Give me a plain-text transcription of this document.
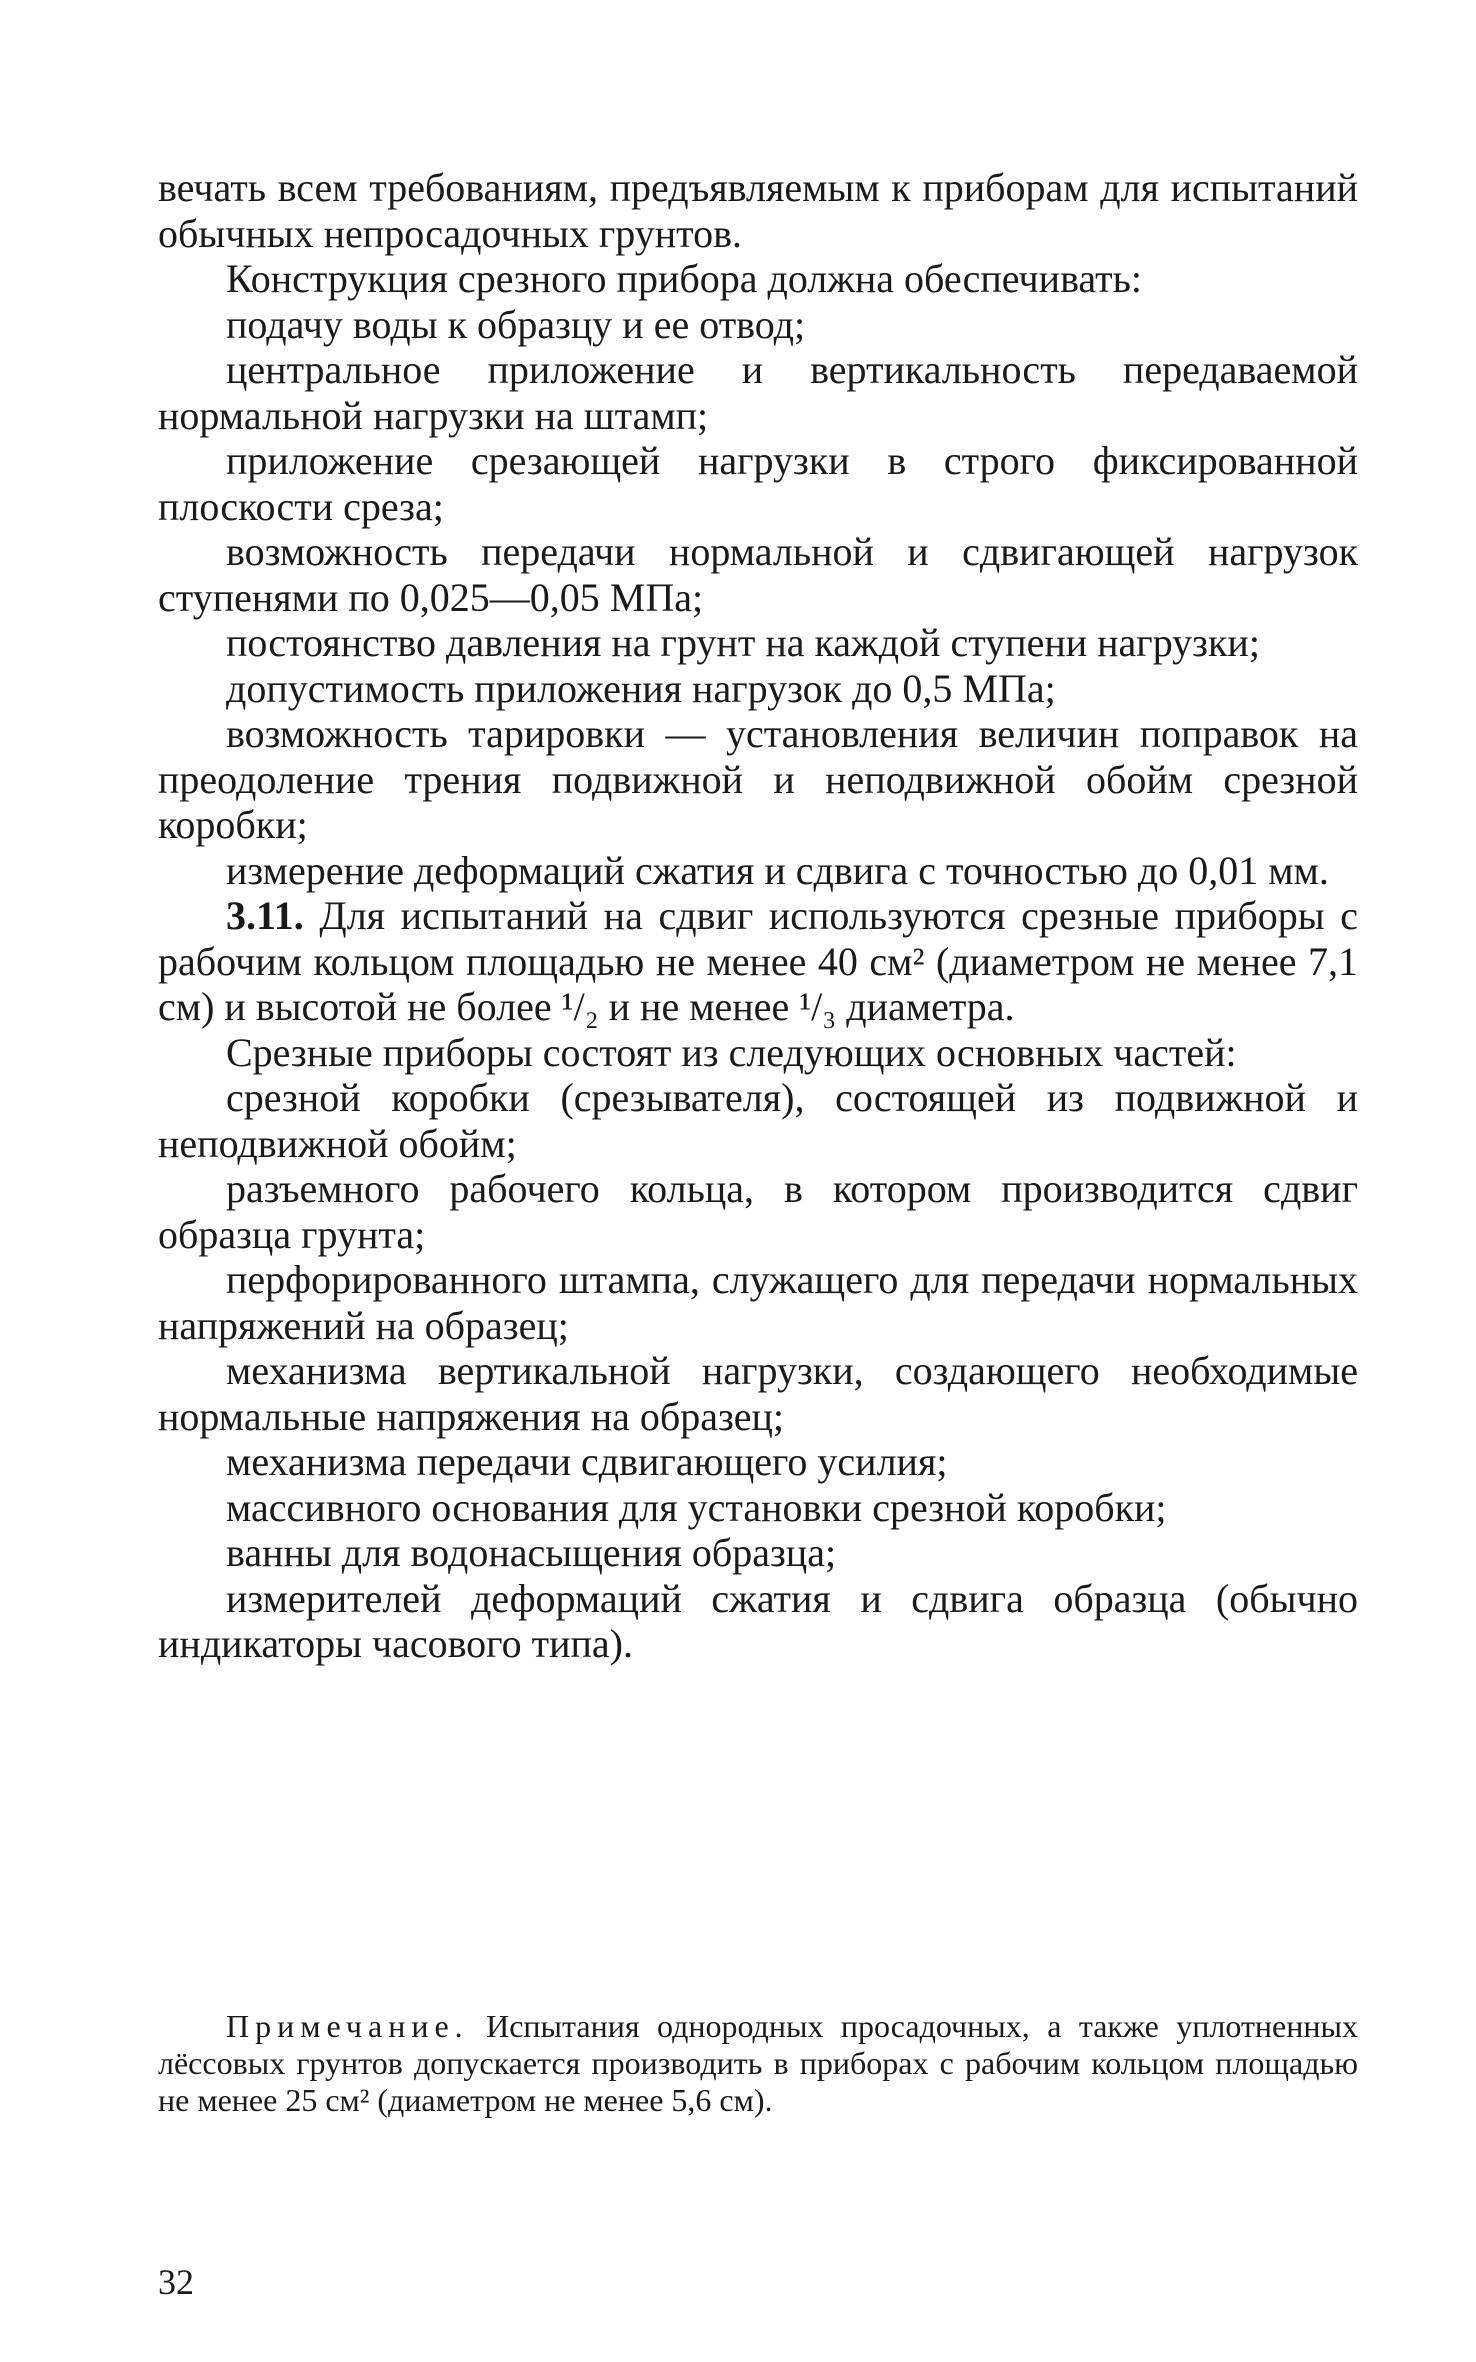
вечать всем требованиям, предъявляемым к приборам для испытаний обычных непросадочных грунтов.

Конструкция срезного прибора должна обеспечивать:

подачу воды к образцу и ее отвод;

центральное приложение и вертикальность передаваемой нормальной нагрузки на штамп;

приложение срезающей нагрузки в строго фиксированной плоскости среза;

возможность передачи нормальной и сдвигающей нагрузок ступенями по 0,025—0,05 МПа;

постоянство давления на грунт на каждой ступени нагрузки;

допустимость приложения нагрузок до 0,5 МПа;

возможность тарировки — установления величин поправок на преодоление трения подвижной и неподвижной обойм срезной коробки;

измерение деформаций сжатия и сдвига с точностью до 0,01 мм.

3.11. Для испытаний на сдвиг используются срезные приборы с рабочим кольцом площадью не менее 40 см² (диаметром не менее 7,1 см) и высотой не более ¹/₂ и не менее ¹/₃ диаметра.

Срезные приборы состоят из следующих основных частей:

срезной коробки (срезывателя), состоящей из подвижной и неподвижной обойм;

разъемного рабочего кольца, в котором производится сдвиг образца грунта;

перфорированного штампа, служащего для передачи нормальных напряжений на образец;

механизма вертикальной нагрузки, создающего необходимые нормальные напряжения на образец;

механизма передачи сдвигающего усилия;

массивного основания для установки срезной коробки;

ванны для водонасыщения образца;

измерителей деформаций сжатия и сдвига образца (обычно индикаторы часового типа).

Примечание. Испытания однородных просадочных, а также уплотненных лёссовых грунтов допускается производить в приборах с рабочим кольцом площадью не менее 25 см² (диаметром не менее 5,6 см).
32
